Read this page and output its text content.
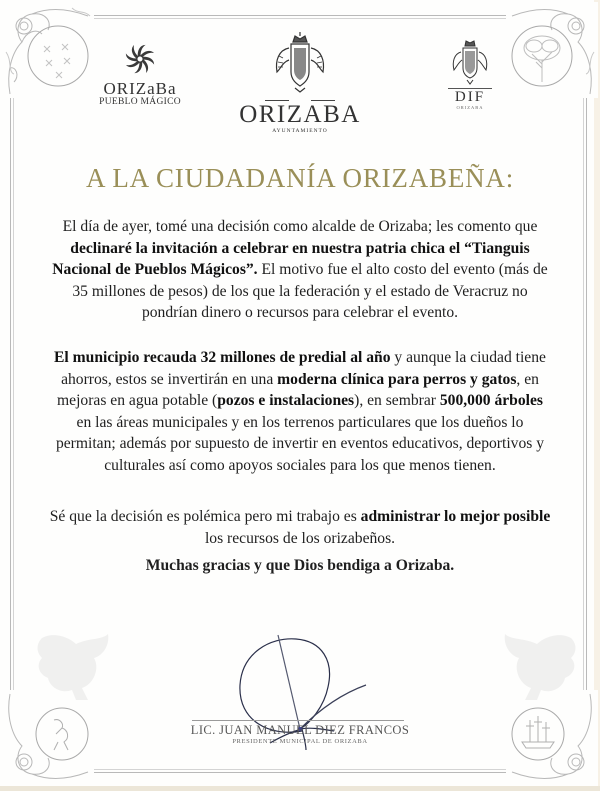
ORIZaBa
PUEBLO MÁGICO ORIZABA
AYUNTAMIENTO
DIF
ORIZABA
A LA CIUDADANÍA ORIZABEÑA:

El día de ayer, tomé una decisión como alcalde de Orizaba; les comento que declinaré la invitación a celebrar en nuestra patria chica el “Tianguis Nacional de Pueblos Mágicos”. El motivo fue el alto costo del evento (más de 35 millones de pesos) de los que la federación y el estado de Veracruz no pondrían dinero o recursos para celebrar el evento.

El municipio recauda 32 millones de predial al año y aunque la ciudad tiene ahorros, estos se invertirán en una moderna clínica para perros y gatos, en mejoras en agua potable (pozos e instalaciones), en sembrar 500,000 árboles en las áreas municipales y en los terrenos particulares que los dueños lo permitan; además por supuesto de invertir en eventos educativos, deportivos y culturales así como apoyos sociales para los que menos tienen.

Sé que la decisión es polémica pero mi trabajo es administrar lo mejor posible los recursos de los orizabeños.

Muchas gracias y que Dios bendiga a Orizaba.

LIC. JUAN MANUEL DIEZ FRANCOS
PRESIDENTE MUNICIPAL DE ORIZABA
